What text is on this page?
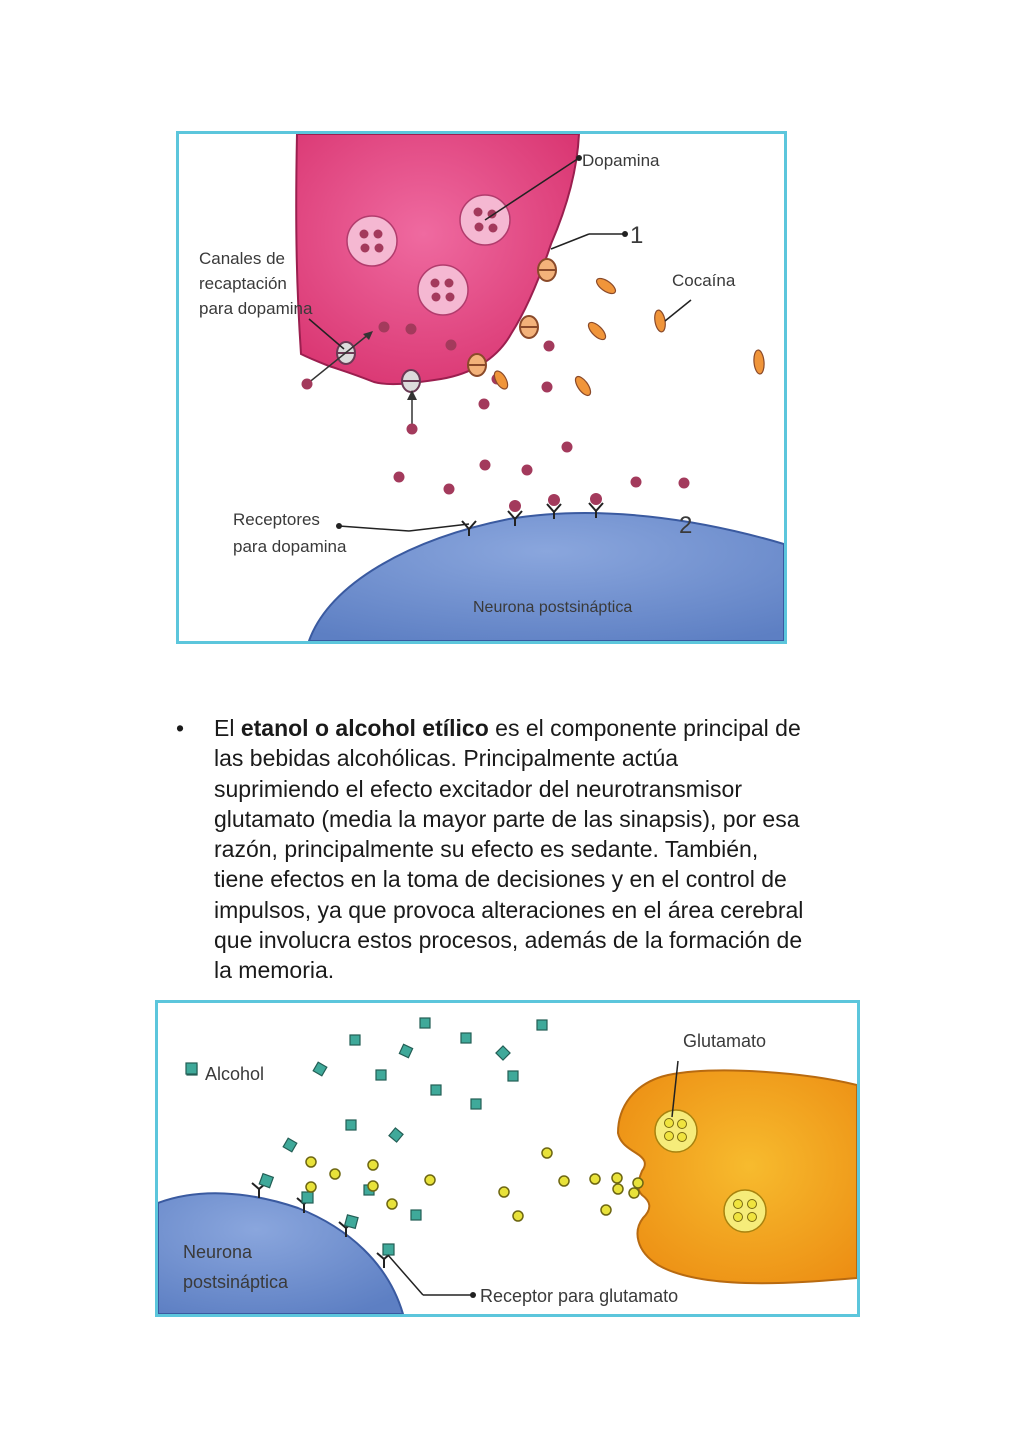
Dopamina
1
Cocaína
Canales de
recaptación
para dopamina
Receptores
para dopamina
2
Neurona postsináptica
•	El etanol o alcohol etílico es el componente principal de

las bebidas alcohólicas. Principalmente actúa

suprimiendo el efecto excitador del neurotransmisor

glutamato (media la mayor parte de las sinapsis), por esa

razón, principalmente su efecto es sedante. También,

tiene efectos en la toma de decisiones y en el control de

impulsos, ya que provoca alteraciones en el área cerebral

que involucra estos procesos, además de la formación de

la memoria.

Alcohol
Glutamato
Neurona
postsináptica
Receptor para glutamato
